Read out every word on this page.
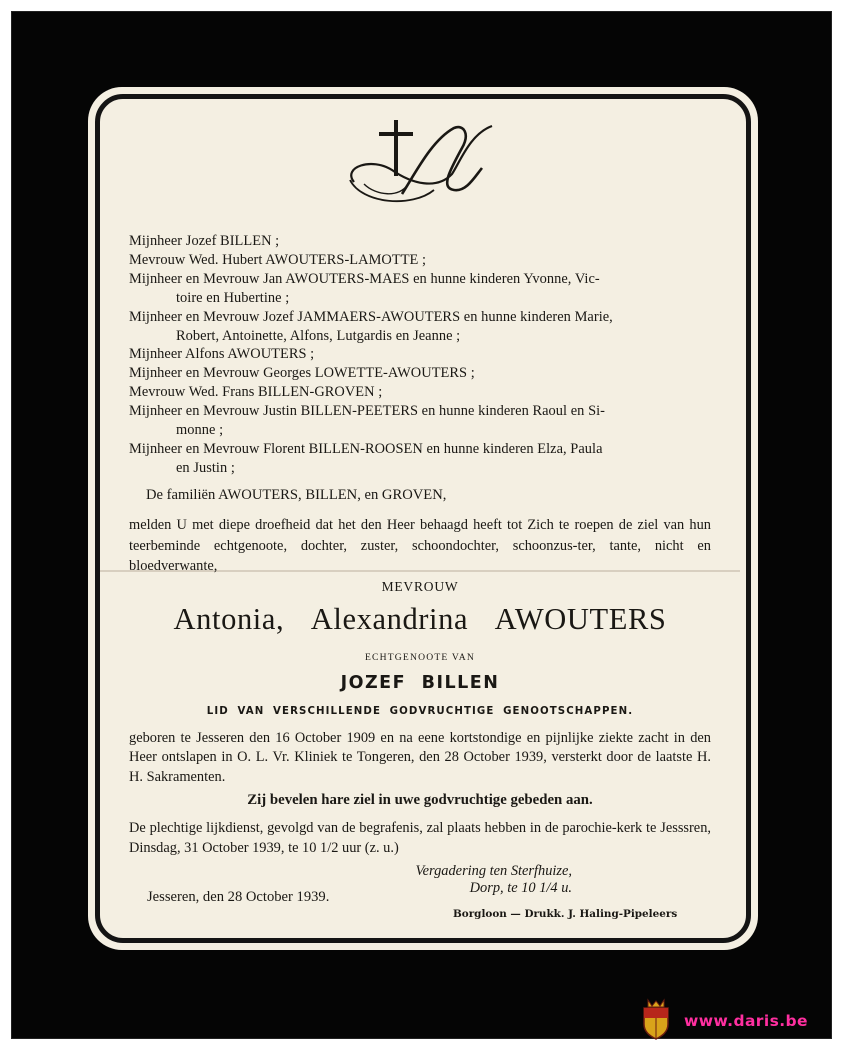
Mijnheer Jozef BILLEN ;
Mevrouw Wed. Hubert AWOUTERS-LAMOTTE ;
Mijnheer en Mevrouw Jan AWOUTERS-MAES en hunne kinderen Yvonne, Vic-
toire en Hubertine ;
Mijnheer en Mevrouw Jozef JAMMAERS-AWOUTERS en hunne kinderen Marie,
Robert, Antoinette, Alfons, Lutgardis en Jeanne ;
Mijnheer Alfons AWOUTERS ;
Mijnheer en Mevrouw Georges LOWETTE-AWOUTERS ;
Mevrouw Wed. Frans BILLEN-GROVEN ;
Mijnheer en Mevrouw Justin BILLEN-PEETERS en hunne kinderen Raoul en Si-
monne ;
Mijnheer en Mevrouw Florent BILLEN-ROOSEN en hunne kinderen Elza, Paula
en Justin ;
De familiën AWOUTERS, BILLEN, en GROVEN,
melden U met diepe droefheid dat het den Heer behaagd heeft tot Zich te roepen de ziel van hun teerbeminde echtgenoote, dochter, zuster, schoondochter, schoonzus-ter, tante, nicht en bloedverwante,
MEVROUW
Antonia, Alexandrina AWOUTERS
ECHTGENOOTE VAN
JOZEF BILLEN
LID VAN VERSCHILLENDE GODVRUCHTIGE GENOOTSCHAPPEN.
geboren te Jesseren den 16 October 1909 en na eene kortstondige en pijnlijke ziekte zacht in den Heer ontslapen in O. L. Vr. Kliniek te Tongeren, den 28 October 1939, versterkt door de laatste H. H. Sakramenten.
Zij bevelen hare ziel in uwe godvruchtige gebeden aan.
De plechtige lijkdienst, gevolgd van de begrafenis, zal plaats hebben in de parochie-kerk te Jesssren, Dinsdag, 31 October 1939, te 10 1/2 uur (z. u.)
Vergadering ten Sterfhuize, Dorp, te 10 1/4 u.
Jesseren, den 28 October 1939.
Borgloon — Drukk. J. Haling-Pipeleers
www.daris.be
